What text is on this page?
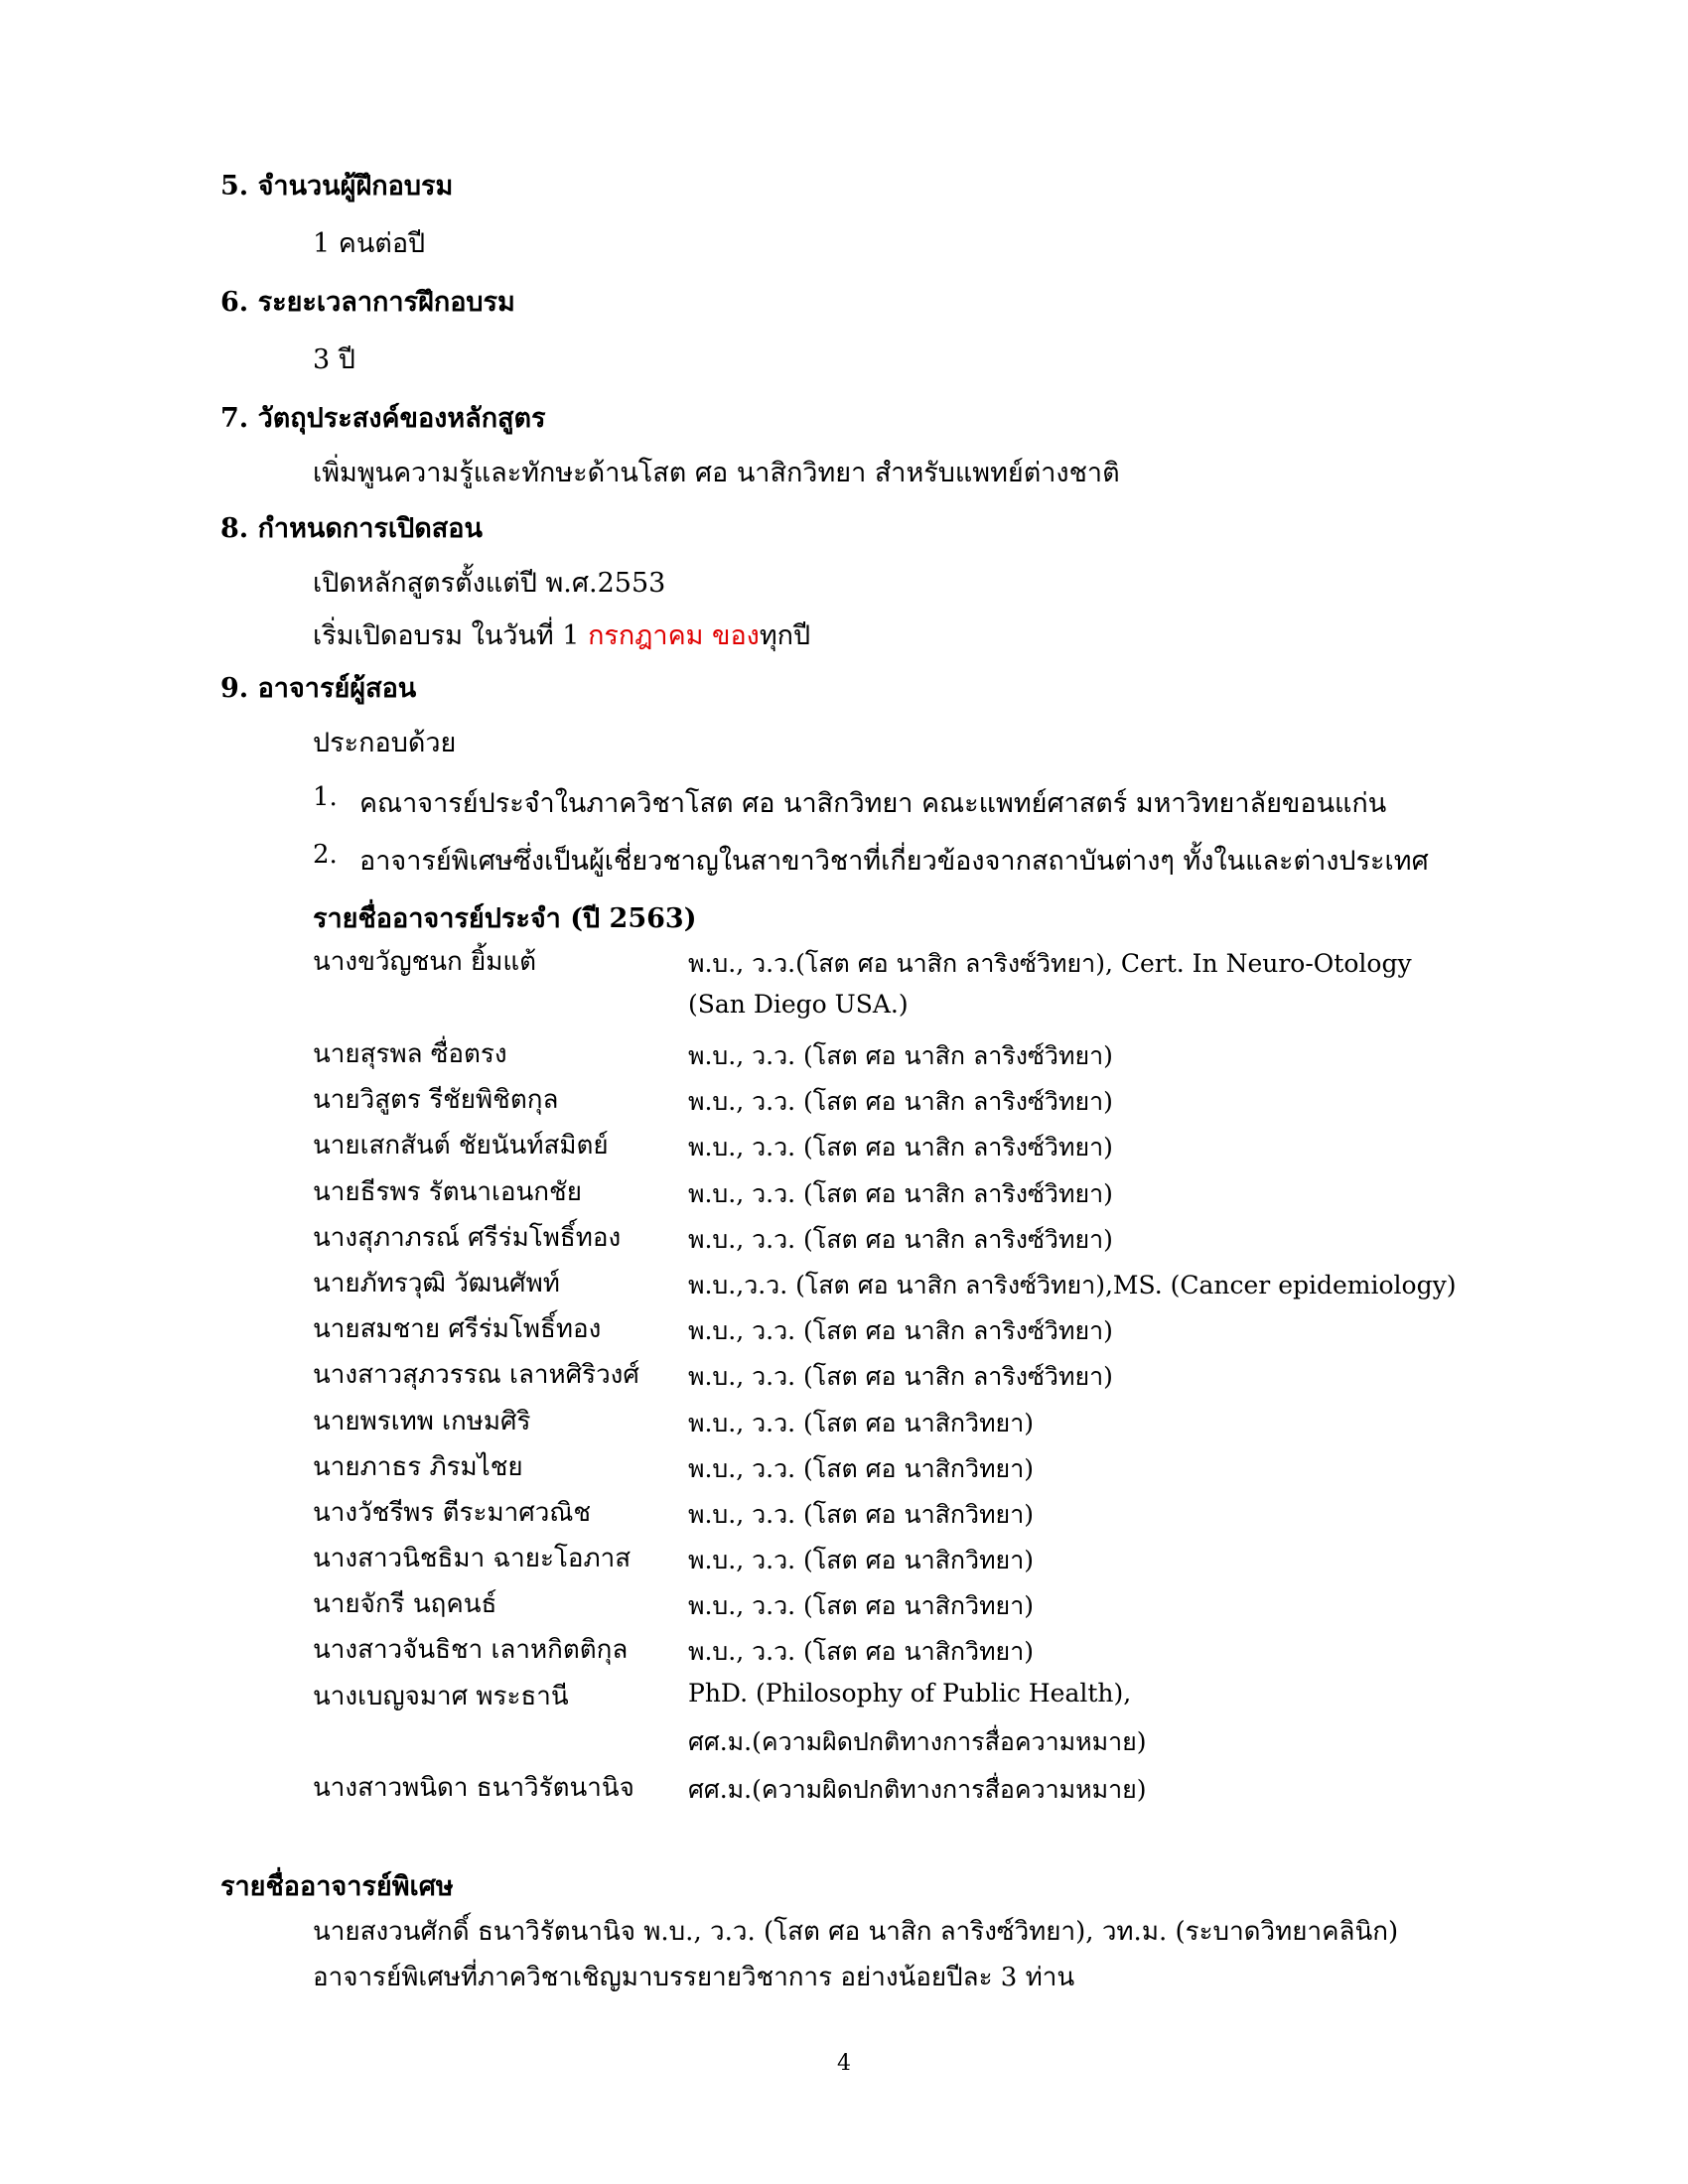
5. จำนวนผู้ฝึกอบรม
1 คนต่อปี
6. ระยะเวลาการฝึกอบรม
3 ปี
7. วัตถุประสงค์ของหลักสูตร
เพิ่มพูนความรู้และทักษะด้านโสต ศอ นาสิกวิทยา สำหรับแพทย์ต่างชาติ
8. กำหนดการเปิดสอน
เปิดหลักสูตรตั้งแต่ปี พ.ศ.2553
เริ่มเปิดอบรม ในวันที่ 1 กรกฎาคม ของทุกปี
9. อาจารย์ผู้สอน
ประกอบด้วย
1. คณาจารย์ประจำในภาควิชาโสต ศอ นาสิกวิทยา คณะแพทย์ศาสตร์ มหาวิทยาลัยขอนแก่น
2. อาจารย์พิเศษซึ่งเป็นผู้เชี่ยวชาญในสาขาวิชาที่เกี่ยวข้องจากสถาบันต่างๆ ทั้งในและต่างประเทศ
รายชื่ออาจารย์ประจำ (ปี 2563)
นางขวัญชนก ยิ้มแต้	พ.บ., ว.ว.(โสต ศอ นาสิก ลาริงซ์วิทยา), Cert. In Neuro-Otology
(San Diego USA.)
นายสุรพล ซื่อตรง	พ.บ., ว.ว. (โสต ศอ นาสิก ลาริงซ์วิทยา)
นายวิสูตร รีชัยพิชิตกุล	พ.บ., ว.ว. (โสต ศอ นาสิก ลาริงซ์วิทยา)
นายเสกสันต์ ชัยนันท์สมิตย์	พ.บ., ว.ว. (โสต ศอ นาสิก ลาริงซ์วิทยา)
นายธีรพร รัตนาเอนกชัย	พ.บ., ว.ว. (โสต ศอ นาสิก ลาริงซ์วิทยา)
นางสุภาภรณ์ ศรีร่มโพธิ์ทอง	พ.บ., ว.ว. (โสต ศอ นาสิก ลาริงซ์วิทยา)
นายภัทรวุฒิ วัฒนศัพท์	พ.บ.,ว.ว. (โสต ศอ นาสิก ลาริงซ์วิทยา),MS. (Cancer epidemiology)
นายสมชาย ศรีร่มโพธิ์ทอง	พ.บ., ว.ว. (โสต ศอ นาสิก ลาริงซ์วิทยา)
นางสาวสุภวรรณ เลาหศิริวงศ์ พ.บ., ว.ว. (โสต ศอ นาสิก ลาริงซ์วิทยา)
นายพรเทพ เกษมศิริ	พ.บ., ว.ว. (โสต ศอ นาสิกวิทยา)
นายภาธร ภิรมไชย	พ.บ., ว.ว. (โสต ศอ นาสิกวิทยา)
นางวัชรีพร ตีระมาศวณิช	พ.บ., ว.ว. (โสต ศอ นาสิกวิทยา)
นางสาวนิชธิมา ฉายะโอภาส พ.บ., ว.ว. (โสต ศอ นาสิกวิทยา)
นายจักรี นฤคนธ์	พ.บ., ว.ว. (โสต ศอ นาสิกวิทยา)
นางสาวจันธิชา เลาหกิตติกุล พ.บ., ว.ว. (โสต ศอ นาสิกวิทยา)
นางเบญจมาศ พระธานี	PhD. (Philosophy of Public Health),
ศศ.ม.(ความผิดปกติทางการสื่อความหมาย)
นางสาวพนิดา ธนาวิรัตนานิจ ศศ.ม.(ความผิดปกติทางการสื่อความหมาย)
รายชื่ออาจารย์พิเศษ
นายสงวนศักดิ์ ธนาวิรัตนานิจ พ.บ., ว.ว. (โสต ศอ นาสิก ลาริงซ์วิทยา), วท.ม. (ระบาดวิทยาคลินิก)
อาจารย์พิเศษที่ภาควิชาเชิญมาบรรยายวิชาการ อย่างน้อยปีละ 3 ท่าน
4
